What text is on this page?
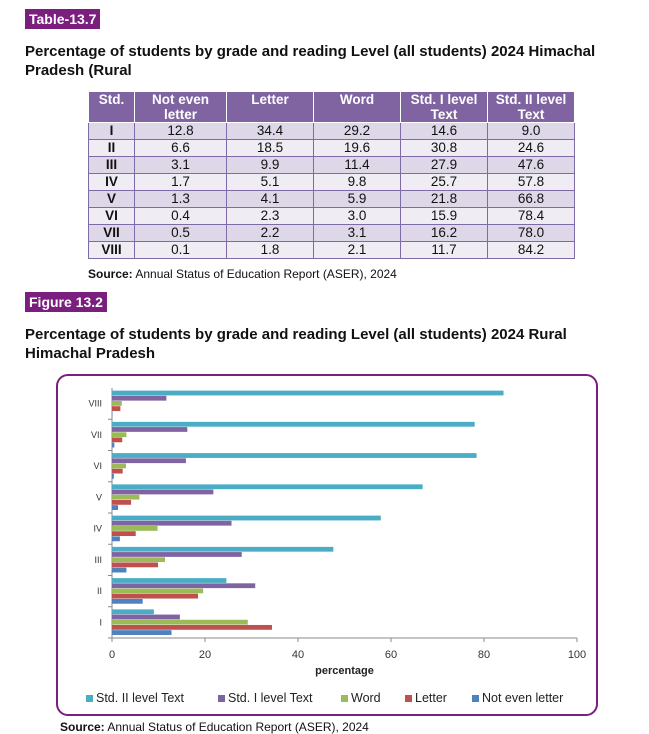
Table-13.7

Percentage of students by grade and reading Level (all students) 2024 Himachal Pradesh (Rural

Std.	Not even letter	Letter	Word	Std. I level Text	Std. II level Text
I	12.8	34.4	29.2	14.6	9.0
II	6.6	18.5	19.6	30.8	24.6
III	3.1	9.9	11.4	27.9	47.6
IV	1.7	5.1	9.8	25.7	57.8
V	1.3	4.1	5.9	21.8	66.8
VI	0.4	2.3	3.0	15.9	78.4
VII	0.5	2.2	3.1	16.2	78.0
VIII	0.1	1.8	2.1	11.7	84.2
Source: Annual Status of Education Report (ASER), 2024
Figure 13.2

Percentage of students by grade and reading Level (all students) 2024 Rural Himachal Pradesh

I
II
III
IV
V
VI
VII
VIII
0	20	40	60	80	100
percentage
Std. II level Text	Std. I level Text	Word	Letter	Not even letter
Source: Annual Status of Education Report (ASER), 2024
